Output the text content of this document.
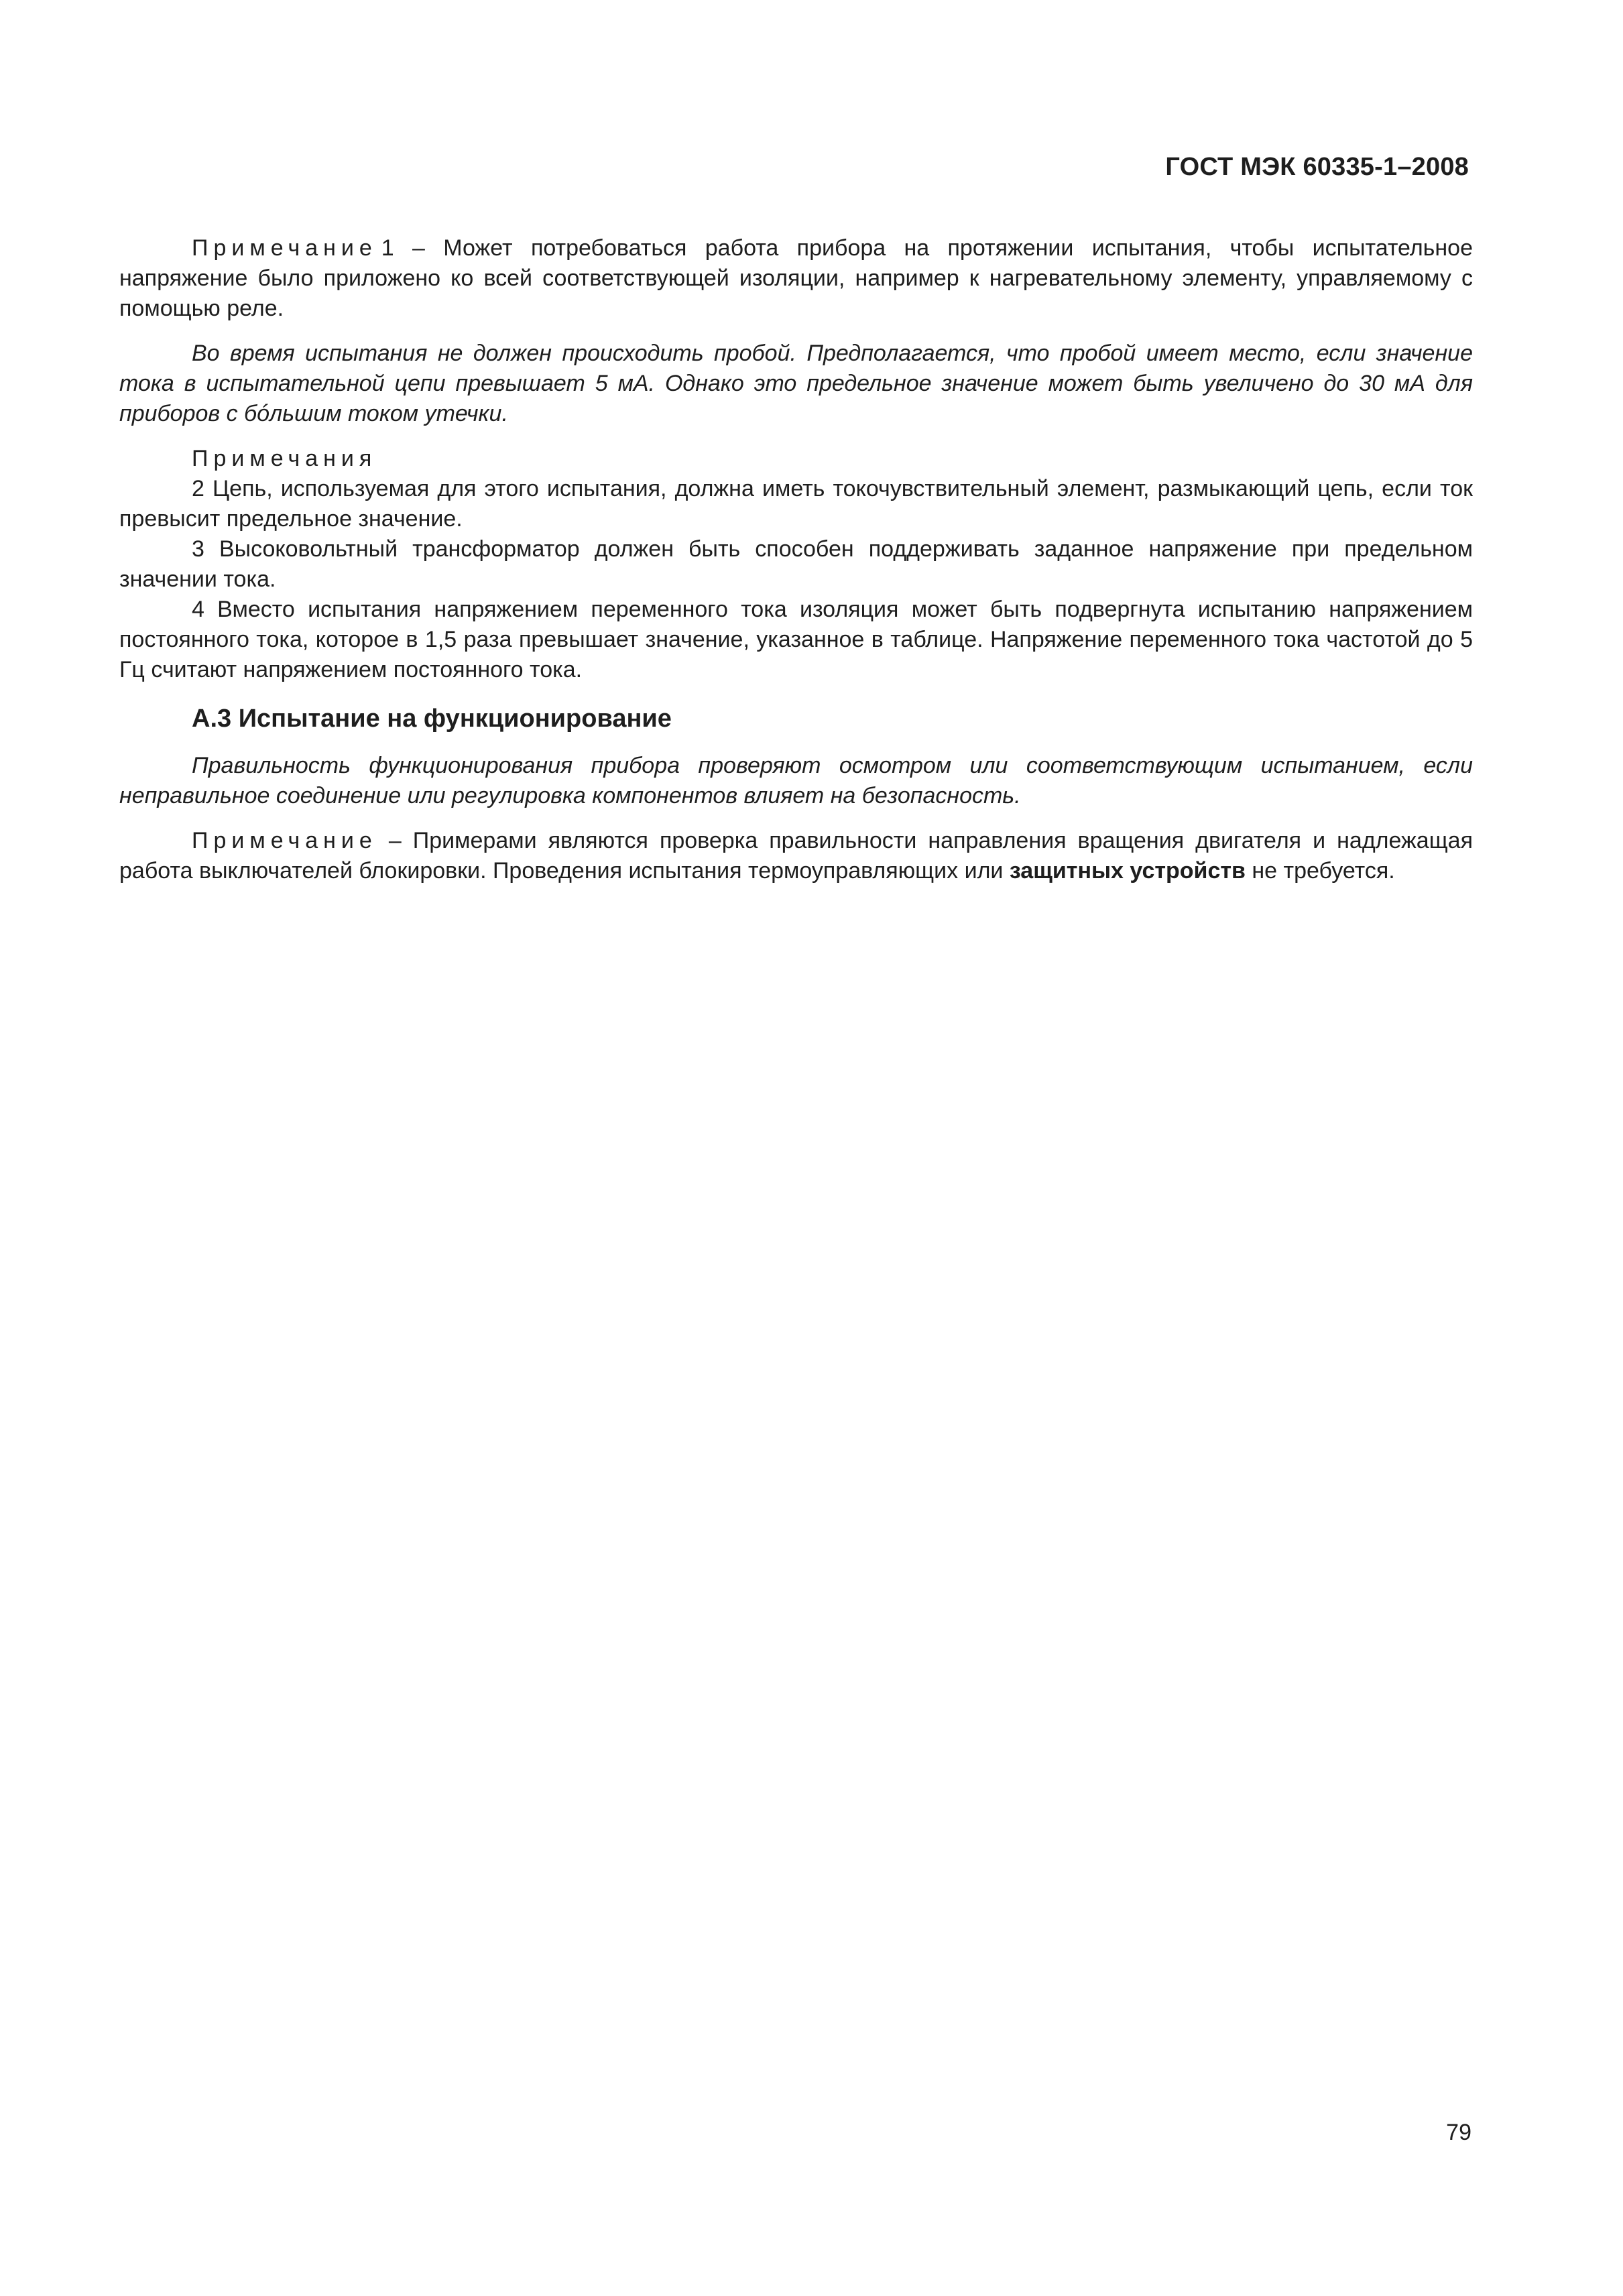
ГОСТ МЭК 60335-1–2008

Примечание 1 – Может потребоваться работа прибора на протяжении испытания, чтобы испытательное напряжение было приложено ко всей соответствующей изоляции, например к нагревательному элементу, управляемому с помощью реле.

Во время испытания не должен происходить пробой. Предполагается, что пробой имеет место, если значение тока в испытательной цепи превышает 5 мА. Однако это предельное значение может быть увеличено до 30 мА для приборов с бóльшим током утечки.

Примечания

2 Цепь, используемая для этого испытания, должна иметь токочувствительный элемент, размыкающий цепь, если ток превысит предельное значение.

3 Высоковольтный трансформатор должен быть способен поддерживать заданное напряжение при предельном значении тока.

4 Вместо испытания напряжением переменного тока изоляция может быть подвергнута испытанию напряжением постоянного тока, которое в 1,5 раза превышает значение, указанное в таблице. Напряжение переменного тока частотой до 5 Гц считают напряжением постоянного тока.

А.3 Испытание на функционирование

Правильность функционирования прибора проверяют осмотром или соответствующим испытанием, если неправильное соединение или регулировка компонентов влияет на безопасность.

Примечание – Примерами являются проверка правильности направления вращения двигателя и надлежащая работа выключателей блокировки. Проведения испытания термоуправляющих или защитных устройств не требуется.

79
